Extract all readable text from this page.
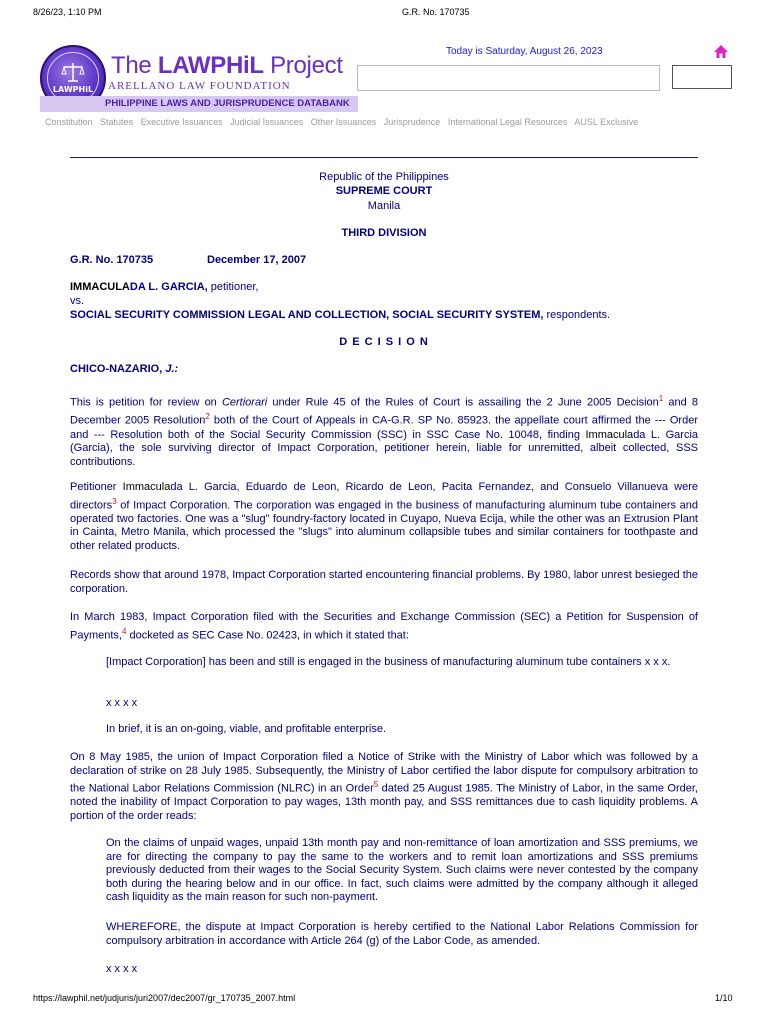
8/26/23, 1:10 PM	G.R. No. 170735
LAWPHiL
The LAWPHiL Project
ARELLANO LAW FOUNDATION
PHILIPPINE LAWS AND JURISPRUDENCE DATABANK
Today is Saturday, August 26, 2023
Constitution Statutes Executive Issuances Judicial Issuances Other Issuances Jurisprudence International Legal Resources AUSL Exclusive
Republic of the Philippines
SUPREME COURT
Manila
THIRD DIVISION
G.R. No. 170735	December 17, 2007
IMMACULADA L. GARCIA, petitioner,
vs.
SOCIAL SECURITY COMMISSION LEGAL AND COLLECTION, SOCIAL SECURITY SYSTEM, respondents.
D E C I S I O N
CHICO-NAZARIO, J.:
This is petition for review on Certiorari under Rule 45 of the Rules of Court is assailing the 2 June 2005 Decision$^1$ and 8 December 2005 Resolution$^2$ both of the Court of Appeals in CA-G.R. SP No. 85923. the appellate court affirmed the --- Order and --- Resolution both of the Social Security Commission (SSC) in SSC Case No. 10048, finding Immaculada L. Garcia (Garcia), the sole surviving director of Impact Corporation, petitioner herein, liable for unremitted, albeit collected, SSS contributions.
Petitioner Immaculada L. Garcia, Eduardo de Leon, Ricardo de Leon, Pacita Fernandez, and Consuelo Villanueva were directors$^3$ of Impact Corporation. The corporation was engaged in the business of manufacturing aluminum tube containers and operated two factories. One was a "slug" foundry-factory located in Cuyapo, Nueva Ecija, while the other was an Extrusion Plant in Cainta, Metro Manila, which processed the "slugs" into aluminum collapsible tubes and similar containers for toothpaste and other related products.
Records show that around 1978, Impact Corporation started encountering financial problems. By 1980, labor unrest besieged the corporation.
In March 1983, Impact Corporation filed with the Securities and Exchange Commission (SEC) a Petition for Suspension of Payments,$^4$ docketed as SEC Case No. 02423, in which it stated that:
[Impact Corporation] has been and still is engaged in the business of manufacturing aluminum tube containers x x x.
x x x x
In brief, it is an on-going, viable, and profitable enterprise.
On 8 May 1985, the union of Impact Corporation filed a Notice of Strike with the Ministry of Labor which was followed by a declaration of strike on 28 July 1985. Subsequently, the Ministry of Labor certified the labor dispute for compulsory arbitration to the National Labor Relations Commission (NLRC) in an Order$^5$ dated 25 August 1985. The Ministry of Labor, in the same Order, noted the inability of Impact Corporation to pay wages, 13th month pay, and SSS remittances due to cash liquidity problems. A portion of the order reads:
On the claims of unpaid wages, unpaid 13th month pay and non-remittance of loan amortization and SSS premiums, we are for directing the company to pay the same to the workers and to remit loan amortizations and SSS premiums previously deducted from their wages to the Social Security System. Such claims were never contested by the company both during the hearing below and in our office. In fact, such claims were admitted by the company although it alleged cash liquidity as the main reason for such non-payment.
WHEREFORE, the dispute at Impact Corporation is hereby certified to the National Labor Relations Commission for compulsory arbitration in accordance with Article 264 (g) of the Labor Code, as amended.
x x x x
https://lawphil.net/judjuris/juri2007/dec2007/gr_170735_2007.html	1/10
